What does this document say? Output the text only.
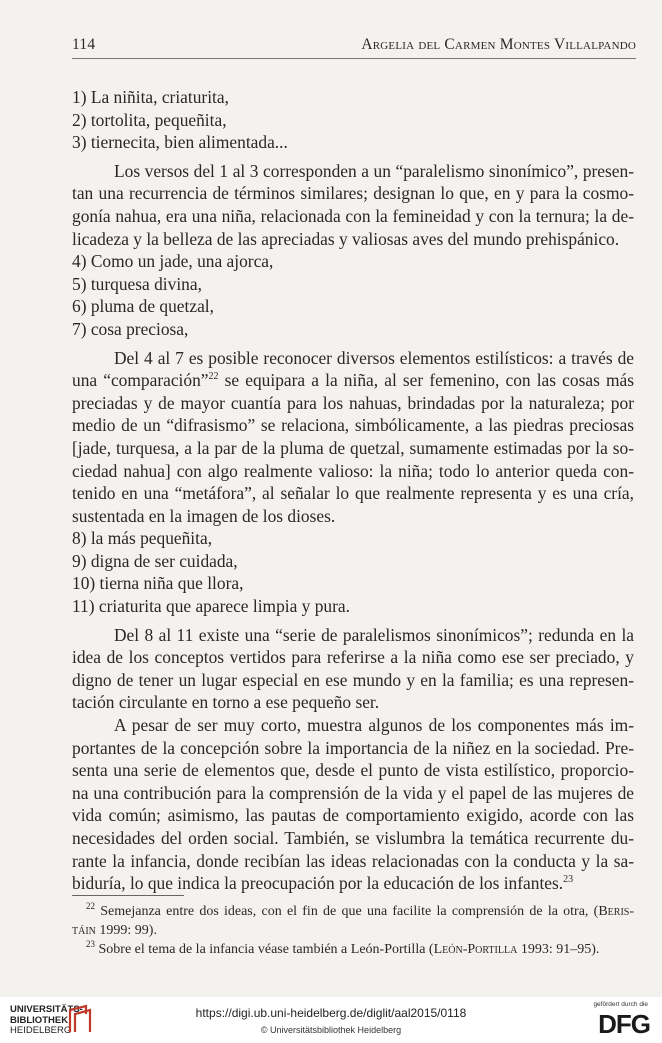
114	Argelia del Carmen Montes Villalpando
1) La niñita, criaturita,
2) tortolita, pequeñita,
3) tiernecita, bien alimentada...
Los versos del 1 al 3 corresponden a un “paralelismo sinonímico”, presen-
tan una recurrencia de términos similares; designan lo que, en y para la cosmo-
gonía nahua, era una niña, relacionada con la femineidad y con la ternura; la de-
licadeza y la belleza de las apreciadas y valiosas aves del mundo prehispánico.
4) Como un jade, una ajorca,
5) turquesa divina,
6) pluma de quetzal,
7) cosa preciosa,
Del 4 al 7 es posible reconocer diversos elementos estilísticos: a través de
una “comparación”$^{22}$ se equipara a la niña, al ser femenino, con las cosas más
preciadas y de mayor cuantía para los nahuas, brindadas por la naturaleza; por
medio de un “difrasismo” se relaciona, simbólicamente, a las piedras preciosas
[jade, turquesa, a la par de la pluma de quetzal, sumamente estimadas por la so-
ciedad nahua] con algo realmente valioso: la niña; todo lo anterior queda con-
tenido en una “metáfora”, al señalar lo que realmente representa y es una cría,
sustentada en la imagen de los dioses.
8) la más pequeñita,
9) digna de ser cuidada,
10) tierna niña que llora,
11) criaturita que aparece limpia y pura.
Del 8 al 11 existe una “serie de paralelismos sinonímicos”; redunda en la
idea de los conceptos vertidos para referirse a la niña como ese ser preciado, y
digno de tener un lugar especial en ese mundo y en la familia; es una represen-
tación circulante en torno a ese pequeño ser.
A pesar de ser muy corto, muestra algunos de los componentes más im-
portantes de la concepción sobre la importancia de la niñez en la sociedad. Pre-
senta una serie de elementos que, desde el punto de vista estilístico, proporcio-
na una contribución para la comprensión de la vida y el papel de las mujeres de
vida común; asimismo, las pautas de comportamiento exigido, acorde con las
necesidades del orden social. También, se vislumbra la temática recurrente du-
rante la infancia, donde recibían las ideas relacionadas con la conducta y la sa-
biduría, lo que indica la preocupación por la educación de los infantes.$^{23}$
$^{22}$ Semejanza entre dos ideas, con el fin de que una facilite la comprensión de la otra, (Beris-
táin 1999: 99).
$^{23}$ Sobre el tema de la infancia véase también a León-Portilla (León-Portilla 1993: 91–95).
UNIVERSITÄTS-
BIBLIOTHEK
HEIDELBERG
https://digi.ub.uni-heidelberg.de/diglit/aal2015/0118
© Universitätsbibliothek Heidelberg
gefördert durch die
DFG
